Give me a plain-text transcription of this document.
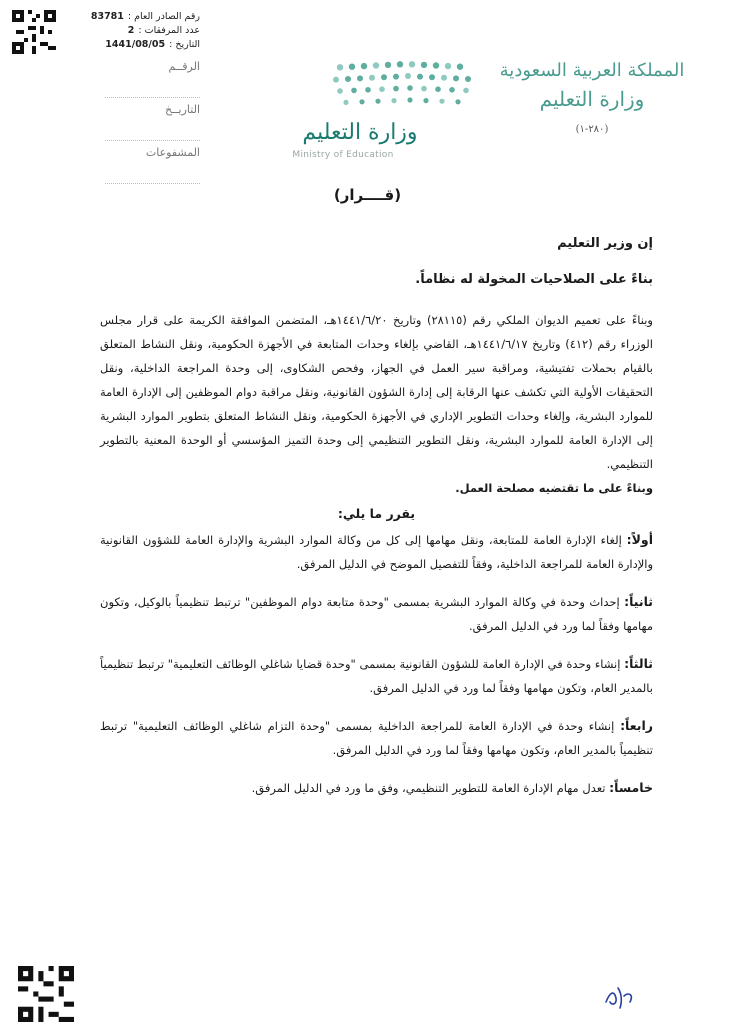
رقم الصادر العام :
83781
عدد المرفقات :
2
التاريخ :
1441/08/05
الرقــم
التاريــخ
المشفوعات
وزارة التعليم
Ministry of Education
المملكة العربية السعودية
وزارة التعليم
(٢٨٠-١)
(قــــرار)

إن وزير التعليم

بناءً على الصلاحيات المخولة له نظاماً.

وبناءً على تعميم الديوان الملكي رقم (٢٨١١٥) وتاريخ ١٤٤١/٦/٢٠هـ، المتضمن الموافقة الكريمة على قرار مجلس الوزراء رقم (٤١٢) وتاريخ ١٤٤١/٦/١٧هـ، القاضي بإلغاء وحدات المتابعة في الأجهزة الحكومية، ونقل النشاط المتعلق بالقيام بحملات تفتيشية، ومراقبة سير العمل في الجهاز، وفحص الشكاوى، إلى وحدة المراجعة الداخلية، ونقل التحقيقات الأولية التي تكشف عنها الرقابة إلى إدارة الشؤون القانونية، ونقل مراقبة دوام الموظفين إلى الإدارة العامة للموارد البشرية، وإلغاء وحدات التطوير الإداري في الأجهزة الحكومية، ونقل النشاط المتعلق بتطوير الموارد البشرية إلى الإدارة العامة للموارد البشرية، ونقل التطوير التنظيمي إلى وحدة التميز المؤسسي أو الوحدة المعنية بالتطوير التنظيمي.

وبناءً على ما تقتضيه مصلحة العمل.

يقرر ما يلي:

أولاً: إلغاء الإدارة العامة للمتابعة، ونقل مهامها إلى كل من وكالة الموارد البشرية والإدارة العامة للشؤون القانونية والإدارة العامة للمراجعة الداخلية، وفقاً للتفصيل الموضح في الدليل المرفق.

ثانياً: إحداث وحدة في وكالة الموارد البشرية بمسمى "وحدة متابعة دوام الموظفين" ترتبط تنظيمياً بالوكيل، وتكون مهامها وفقاً لما ورد في الدليل المرفق.

ثالثاً: إنشاء وحدة في الإدارة العامة للشؤون القانونية بمسمى "وحدة قضايا شاغلي الوظائف التعليمية" ترتبط تنظيمياً بالمدير العام، وتكون مهامها وفقاً لما ورد في الدليل المرفق.

رابعاً: إنشاء وحدة في الإدارة العامة للمراجعة الداخلية بمسمى "وحدة التزام شاغلي الوظائف التعليمية" ترتبط تنظيمياً بالمدير العام، وتكون مهامها وفقاً لما ورد في الدليل المرفق.

خامساً: تعدل مهام الإدارة العامة للتطوير التنظيمي، وفق ما ورد في الدليل المرفق.
